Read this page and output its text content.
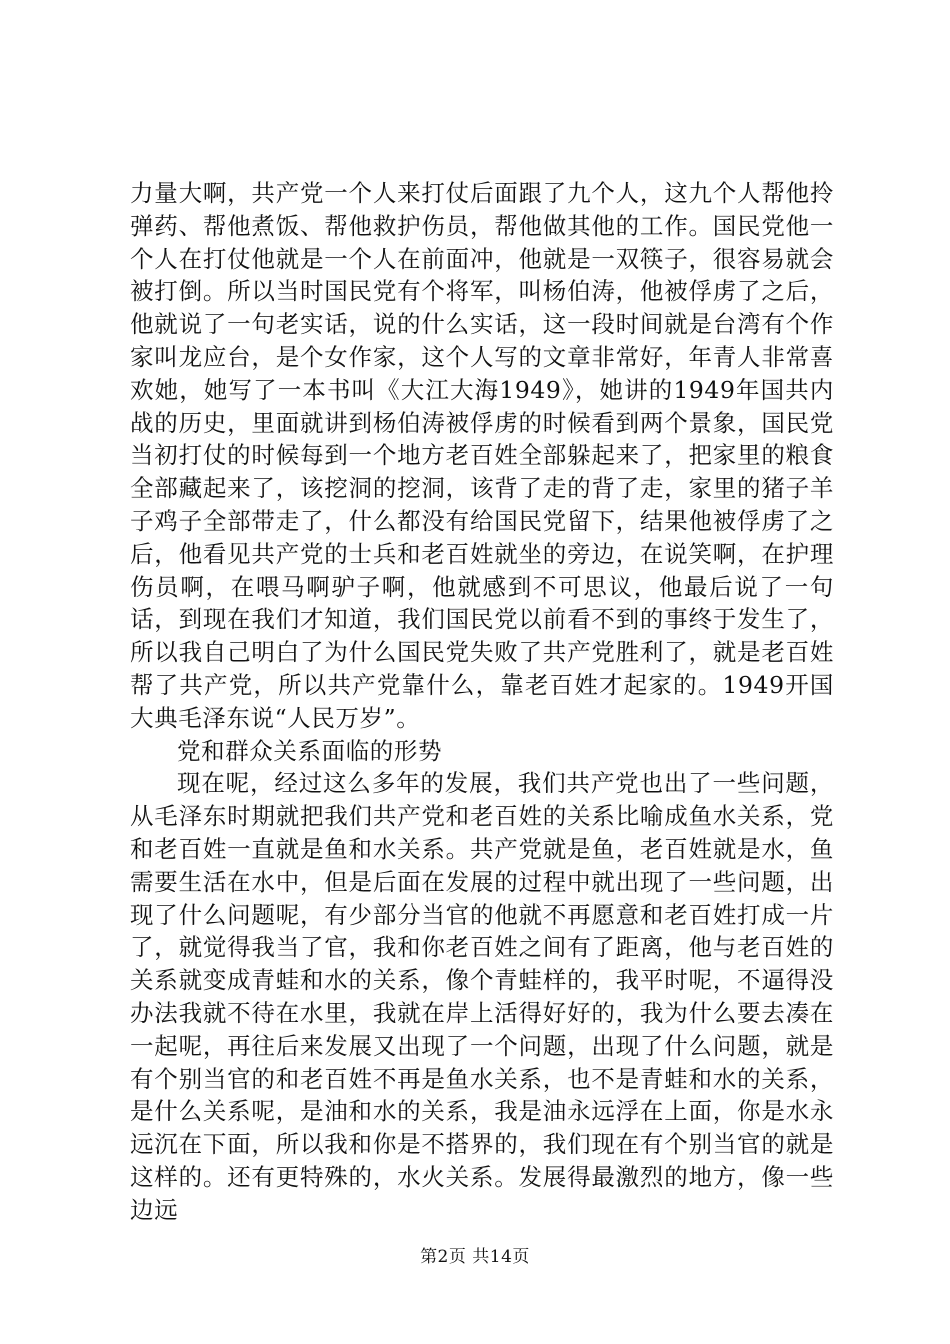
力量大啊，共产党一个人来打仗后面跟了九个人，这九个人帮他拎弹药、帮他煮饭、帮他救护伤员，帮他做其他的工作。国民党他一个人在打仗他就是一个人在前面冲，他就是一双筷子，很容易就会被打倒。所以当时国民党有个将军，叫杨伯涛，他被俘虏了之后，他就说了一句老实话，说的什么实话，这一段时间就是台湾有个作家叫龙应台，是个女作家，这个人写的文章非常好，年青人非常喜欢她，她写了一本书叫《大江大海1949》，她讲的1949年国共内战的历史，里面就讲到杨伯涛被俘虏的时候看到两个景象，国民党当初打仗的时候每到一个地方老百姓全部躲起来了，把家里的粮食全部藏起来了，该挖洞的挖洞，该背了走的背了走，家里的猪子羊子鸡子全部带走了，什么都没有给国民党留下，结果他被俘虏了之后，他看见共产党的士兵和老百姓就坐的旁边，在说笑啊，在护理伤员啊，在喂马啊驴子啊，他就感到不可思议，他最后说了一句话，到现在我们才知道，我们国民党以前看不到的事终于发生了，所以我自己明白了为什么国民党失败了共产党胜利了，就是老百姓帮了共产党，所以共产党靠什么，靠老百姓才起家的。1949开国大典毛泽东说“人民万岁”。

党和群众关系面临的形势

现在呢，经过这么多年的发展，我们共产党也出了一些问题，从毛泽东时期就把我们共产党和老百姓的关系比喻成鱼水关系，党和老百姓一直就是鱼和水关系。共产党就是鱼，老百姓就是水，鱼需要生活在水中，但是后面在发展的过程中就出现了一些问题，出现了什么问题呢，有少部分当官的他就不再愿意和老百姓打成一片了，就觉得我当了官，我和你老百姓之间有了距离，他与老百姓的关系就变成青蛙和水的关系，像个青蛙样的，我平时呢，不逼得没办法我就不待在水里，我就在岸上活得好好的，我为什么要去凑在一起呢，再往后来发展又出现了一个问题，出现了什么问题，就是有个别当官的和老百姓不再是鱼水关系，也不是青蛙和水的关系，是什么关系呢，是油和水的关系，我是油永远浮在上面，你是水永远沉在下面，所以我和你是不搭界的，我们现在有个别当官的就是这样的。还有更特殊的，水火关系。发展得最激烈的地方，像一些边远

第2页 共14页
